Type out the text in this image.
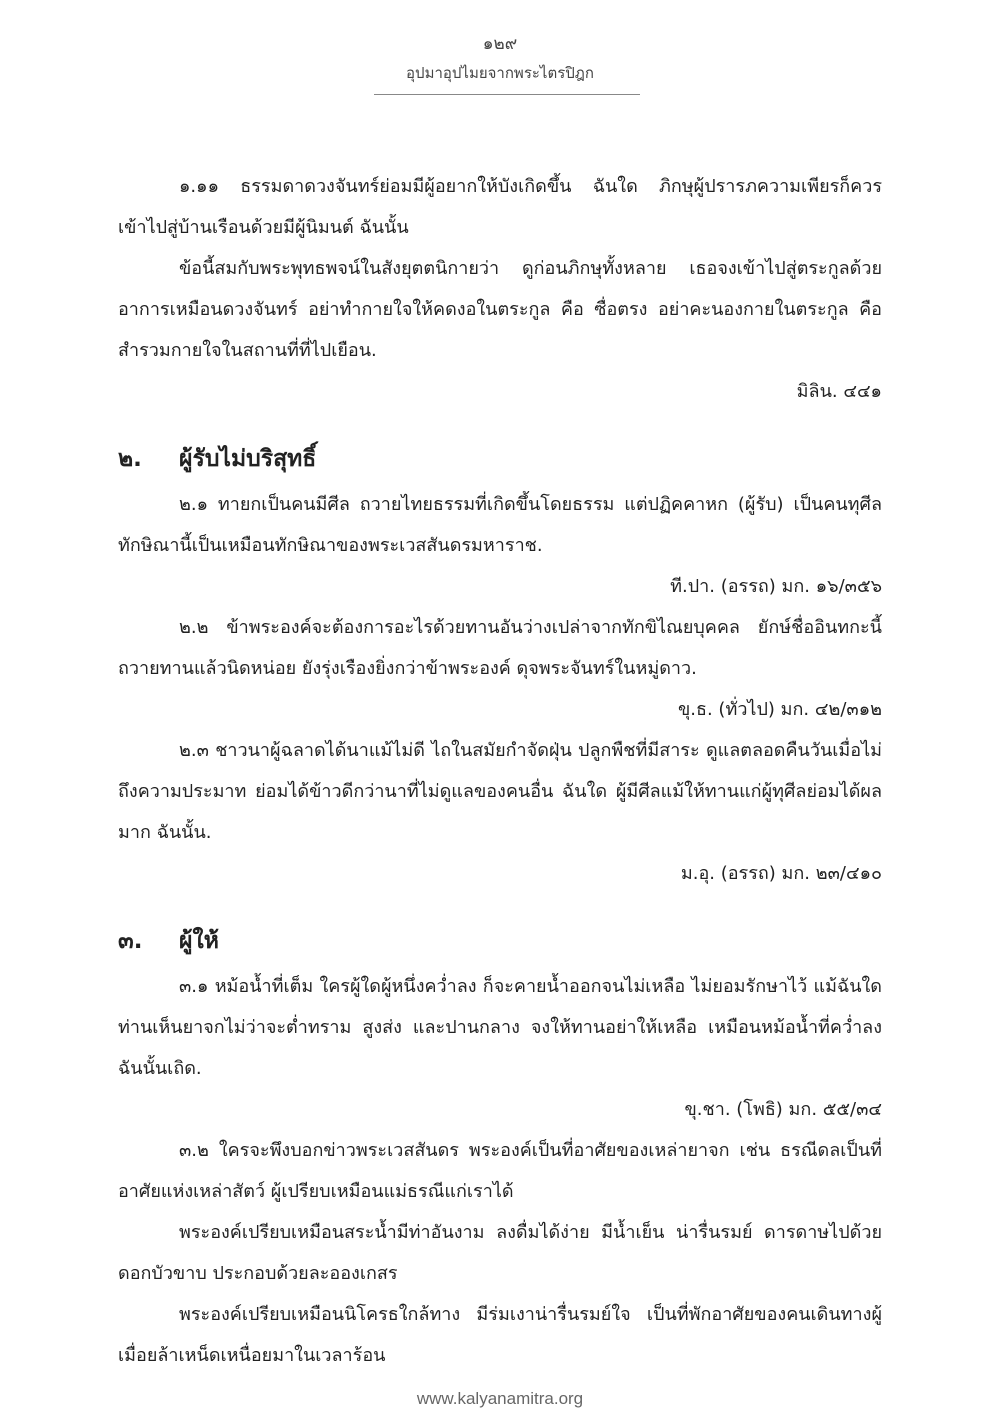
๑๒๙
อุปมาอุปไมยจากพระไตรปิฎก

๑.๑๑ ธรรมดาดวงจันทร์ย่อมมีผู้อยากให้บังเกิดขึ้น ฉันใด ภิกษุผู้ปรารภความเพียรก็ควรเข้าไปสู่บ้านเรือนด้วยมีผู้นิมนต์ ฉันนั้น

ข้อนี้สมกับพระพุทธพจน์ในสังยุตตนิกายว่า ดูก่อนภิกษุทั้งหลาย เธอจงเข้าไปสู่ตระกูลด้วยอาการเหมือนดวงจันทร์ อย่าทำกายใจให้คดงอในตระกูล คือ ซื่อตรง อย่าคะนองกายในตระกูล คือ สำรวมกายใจในสถานที่ที่ไปเยือน.

มิลิน. ๔๔๑

๒.	ผู้รับไม่บริสุทธิ์

๒.๑ ทายกเป็นคนมีศีล ถวายไทยธรรมที่เกิดขึ้นโดยธรรม แต่ปฏิคคาหก (ผู้รับ) เป็นคนทุศีล ทักษิณานี้เป็นเหมือนทักษิณาของพระเวสสันดรมหาราช.

ที.ปา. (อรรถ) มก. ๑๖/๓๕๖

๒.๒ ข้าพระองค์จะต้องการอะไรด้วยทานอันว่างเปล่าจากทักขิไณยบุคคล ยักษ์ชื่ออินทกะนี้ถวายทานแล้วนิดหน่อย ยังรุ่งเรืองยิ่งกว่าข้าพระองค์ ดุจพระจันทร์ในหมู่ดาว.

ขุ.ธ. (ทั่วไป) มก. ๔๒/๓๑๒

๒.๓ ชาวนาผู้ฉลาดได้นาแม้ไม่ดี ไถในสมัยกำจัดฝุ่น ปลูกพืชที่มีสาระ ดูแลตลอดคืนวันเมื่อไม่ถึงความประมาท ย่อมได้ข้าวดีกว่านาที่ไม่ดูแลของคนอื่น ฉันใด ผู้มีศีลแม้ให้ทานแก่ผู้ทุศีลย่อมได้ผลมาก ฉันนั้น.

ม.อุ. (อรรถ) มก. ๒๓/๔๑๐

๓.	ผู้ให้

๓.๑ หม้อน้ำที่เต็ม ใครผู้ใดผู้หนึ่งคว่ำลง ก็จะคายน้ำออกจนไม่เหลือ ไม่ยอมรักษาไว้ แม้ฉันใด ท่านเห็นยาจกไม่ว่าจะต่ำทราม สูงส่ง และปานกลาง จงให้ทานอย่าให้เหลือ เหมือนหม้อน้ำที่คว่ำลง ฉันนั้นเถิด.

ขุ.ชา. (โพธิ) มก. ๕๕/๓๔

๓.๒ ใครจะพึงบอกข่าวพระเวสสันดร พระองค์เป็นที่อาศัยของเหล่ายาจก เช่น ธรณีดลเป็นที่อาศัยแห่งเหล่าสัตว์ ผู้เปรียบเหมือนแม่ธรณีแก่เราได้

พระองค์เปรียบเหมือนสระน้ำมีท่าอันงาม ลงดื่มได้ง่าย มีน้ำเย็น น่ารื่นรมย์ ดารดาษไปด้วยดอกบัวขาบ ประกอบด้วยละอองเกสร

พระองค์เปรียบเหมือนนิโครธใกล้ทาง มีร่มเงาน่ารื่นรมย์ใจ เป็นที่พักอาศัยของคนเดินทางผู้เมื่อยล้าเหน็ดเหนื่อยมาในเวลาร้อน

www.kalyanamitra.org
